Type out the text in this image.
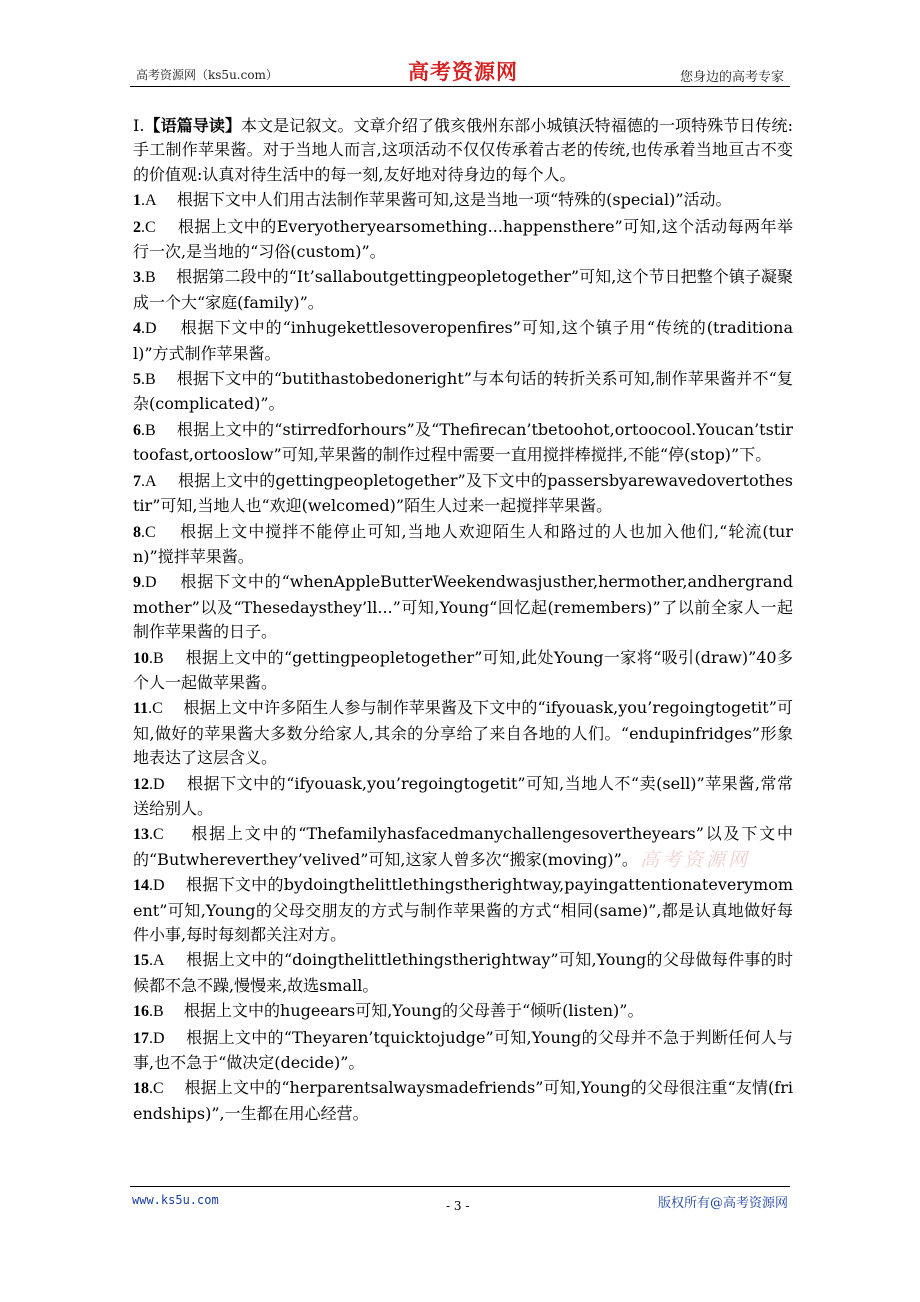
高考资源网（ks5u.com）	高考资源网	您身边的高考专家

Ⅰ.【语篇导读】本文是记叙文。文章介绍了俄亥俄州东部小城镇沃特福德的一项特殊节日传统:手工制作苹果酱。对于当地人而言,这项活动不仅仅传承着古老的传统,也传承着当地亘古不变的价值观:认真对待生活中的每一刻,友好地对待身边的每个人。

1.A 根据下文中人们用古法制作苹果酱可知,这是当地一项“特殊的(special)”活动。

2.C 根据上文中的Everyotheryearsomething...happensthere”可知,这个活动每两年举行一次,是当地的“习俗(custom)”。

3.B 根据第二段中的“It’sallaboutgettingpeopletogether”可知,这个节日把整个镇子凝聚成一个大“家庭(family)”。

4.D 根据下文中的“inhugekettlesoveropenfires”可知,这个镇子用“传统的(traditional)”方式制作苹果酱。

5.B 根据下文中的“butithastobedoneright”与本句话的转折关系可知,制作苹果酱并不“复杂(complicated)”。

6.B 根据上文中的“stirredforhours”及“Thefirecan’tbetoohot,ortoocool.Youcan’tstirtoofast,ortooslow”可知,苹果酱的制作过程中需要一直用搅拌棒搅拌,不能“停(stop)”下。

7.A 根据上文中的gettingpeopletogether”及下文中的passersbyarewavedovertothestir”可知,当地人也“欢迎(welcomed)”陌生人过来一起搅拌苹果酱。

8.C 根据上文中搅拌不能停止可知,当地人欢迎陌生人和路过的人也加入他们,“轮流(turn)”搅拌苹果酱。

9.D 根据下文中的“whenAppleButterWeekendwasjusther,hermother,andhergrandmother”以及“Thesedaysthey’ll...”可知,Young“回忆起(remembers)”了以前全家人一起制作苹果酱的日子。

10.B 根据上文中的“gettingpeopletogether”可知,此处Young一家将“吸引(draw)”40多个人一起做苹果酱。

11.C 根据上文中许多陌生人参与制作苹果酱及下文中的“ifyouask,you’regoingtogetit”可知,做好的苹果酱大多数分给家人,其余的分享给了来自各地的人们。“endupinfridges”形象地表达了这层含义。

12.D 根据下文中的“ifyouask,you’regoingtogetit”可知,当地人不“卖(sell)”苹果酱,常常送给别人。

13.C 根据上文中的“Thefamilyhasfacedmanychallengesovertheyears”以及下文中的“Butwhereverthey’velived”可知,这家人曾多次“搬家(moving)”。

14.D 根据下文中的bydoingthelittlethingstherightway,payingattentionateverymoment”可知,Young的父母交朋友的方式与制作苹果酱的方式“相同(same)”,都是认真地做好每件小事,每时每刻都关注对方。

15.A 根据上文中的“doingthelittlethingstherightway”可知,Young的父母做每件事的时候都不急不躁,慢慢来,故选small。

16.B 根据上文中的hugeears可知,Young的父母善于“倾听(listen)”。

17.D 根据上文中的“Theyaren’tquicktojudge”可知,Young的父母并不急于判断任何人与事,也不急于“做决定(decide)”。

18.C 根据上文中的“herparentsalwaysmadefriends”可知,Young的父母很注重“友情(friendships)”,一生都在用心经营。

高考资源网
www.ks5u.com	- 3 -	版权所有@高考资源网
